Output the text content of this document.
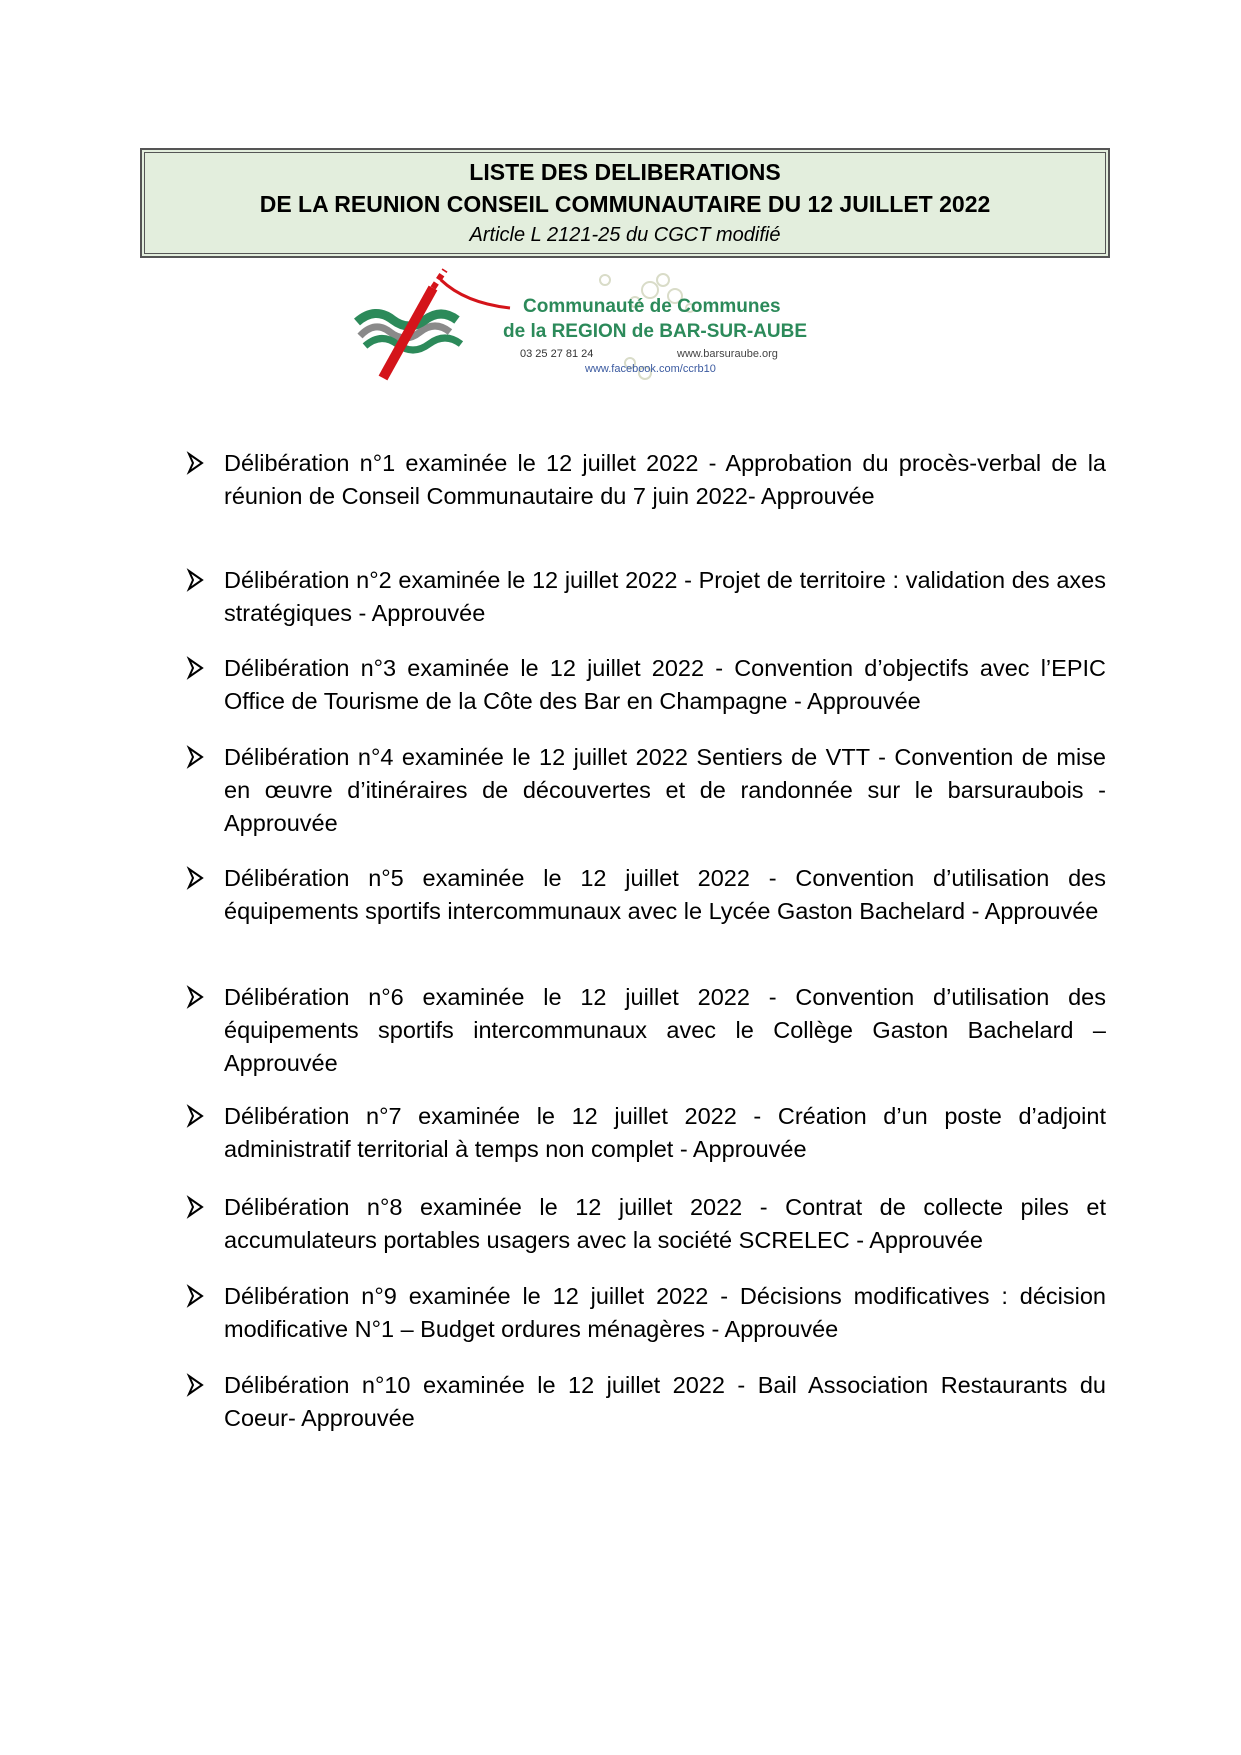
LISTE DES DELIBERATIONS
DE LA REUNION CONSEIL COMMUNAUTAIRE DU 12 JUILLET 2022
Article L 2121-25 du CGCT modifié
Communauté de Communes
de la REGION de BAR-SUR-AUBE
03 25 27 81 24	www.barsuraube.org
www.facebook.com/ccrb10
Délibération n°1 examinée le 12 juillet 2022 - Approbation du procès-verbal de la réunion de Conseil Communautaire du 7 juin 2022- Approuvée
Délibération n°2 examinée le 12 juillet 2022 - Projet de territoire : validation des axes stratégiques - Approuvée
Délibération n°3 examinée le 12 juillet 2022 - Convention d’objectifs avec l’EPIC Office de Tourisme de la Côte des Bar en Champagne - Approuvée
Délibération n°4 examinée le 12 juillet 2022 Sentiers de VTT - Convention de mise en œuvre d’itinéraires de découvertes et de randonnée sur le barsuraubois - Approuvée
Délibération n°5 examinée le 12 juillet 2022 - Convention d’utilisation des équipements sportifs intercommunaux avec le Lycée Gaston Bachelard - Approuvée
Délibération n°6 examinée le 12 juillet 2022 - Convention d’utilisation des équipements sportifs intercommunaux avec le Collège Gaston Bachelard – Approuvée
Délibération n°7 examinée le 12 juillet 2022 - Création d’un poste d’adjoint administratif territorial à temps non complet - Approuvée
Délibération n°8 examinée le 12 juillet 2022 - Contrat de collecte piles et accumulateurs portables usagers avec la société SCRELEC - Approuvée
Délibération n°9 examinée le 12 juillet 2022 - Décisions modificatives : décision modificative N°1 – Budget ordures ménagères - Approuvée
Délibération n°10 examinée le 12 juillet 2022 - Bail Association Restaurants du Coeur- Approuvée
